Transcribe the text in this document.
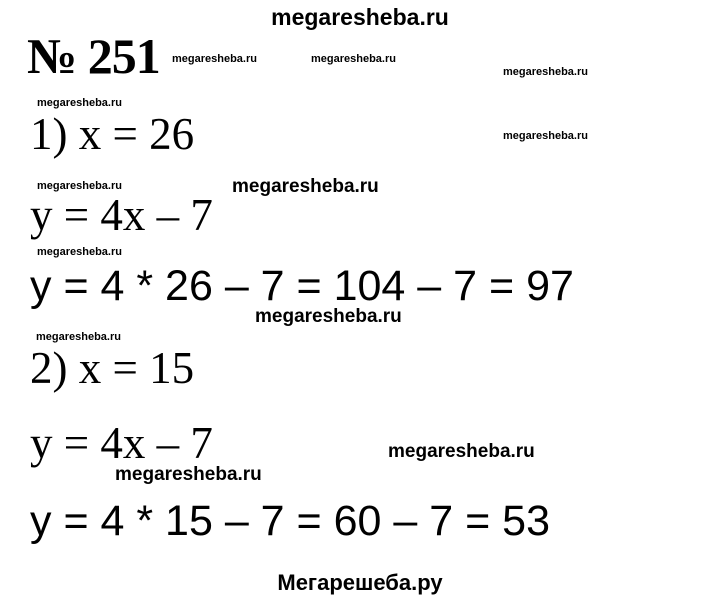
megaresheba.ru
№ 251 megaresheba.ru	megaresheba.ru
megaresheba.ru
megaresheba.ru
1) x = 26	megaresheba.ru
megaresheba.ru	megaresheba.ru
y = 4x – 7
megaresheba.ru
y = 4 * 26 – 7 = 104 – 7 = 97
megaresheba.ru
megaresheba.ru
2) x = 15
y = 4x – 7	megaresheba.ru
megaresheba.ru
y = 4 * 15 – 7 = 60 – 7 = 53
Мегарешеба.ру
